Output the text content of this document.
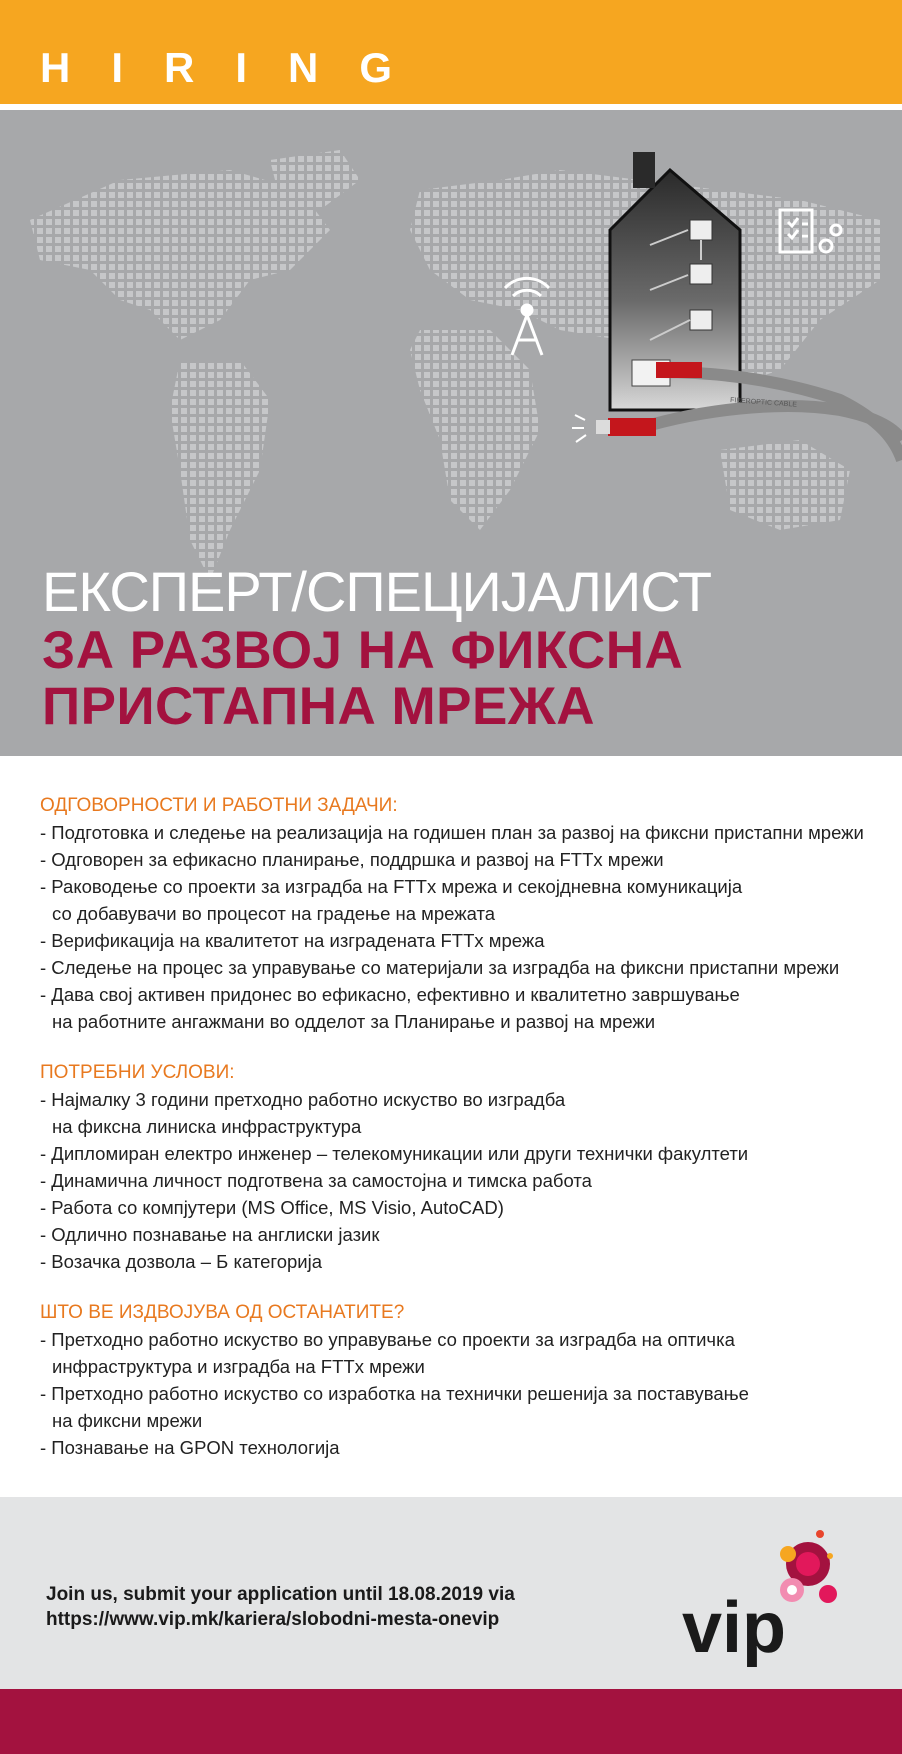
HIRING
FIBEROPTIC CABLE
ЕКСПЕРТ/СПЕЦИЈАЛИСТ
ЗА РАЗВОЈ НА ФИКСНА
ПРИСТАПНА МРЕЖА
ОДГОВОРНОСТИ И РАБОТНИ ЗАДАЧИ:
- Подготовка и следење на реализација на годишен план за развој на фиксни пристапни мрежи
- Одговорен за ефикасно планирање, поддршка и развој на FTTx мрежи
- Раководење со проекти за изградба на FTTx мрежа и секојдневна комуникација
со добавувачи во процесот на градење на мрежата
- Верификација на квалитетот на изградената FTTx мрежа
- Следење на процес за управување со материјали за изградба на фиксни пристапни мрежи
- Дава свој активен придонес во ефикасно, ефективно и квалитетно завршување
на работните ангажмани во одделот за Планирање и развој на мрежи
ПОТРЕБНИ УСЛОВИ:
- Најмалку 3 години претходно работно искуство во изградба
на фиксна линиска инфраструктура
- Дипломиран електро инженер – телекомуникации или други технички факултети
- Динамична личност подготвена за самостојна и тимска работа
- Работа со компјутери (MS Office, MS Visio, AutoCAD)
- Одлично познавање на англиски јазик
- Возачка дозвола – Б категорија
ШТО ВЕ ИЗДВОЈУВА ОД ОСТАНАТИТЕ?
- Претходно работно искуство во управување со проекти за изградба на оптичка
инфраструктура и изградба на FTTx мрежи
- Претходно работно искуство со изработка на технички решенија за поставување
на фиксни мрежи
- Познавање на GPON технологија
Join us, submit your application until 18.08.2019 via
https://www.vip.mk/kariera/slobodni-mesta-onevip	vip
